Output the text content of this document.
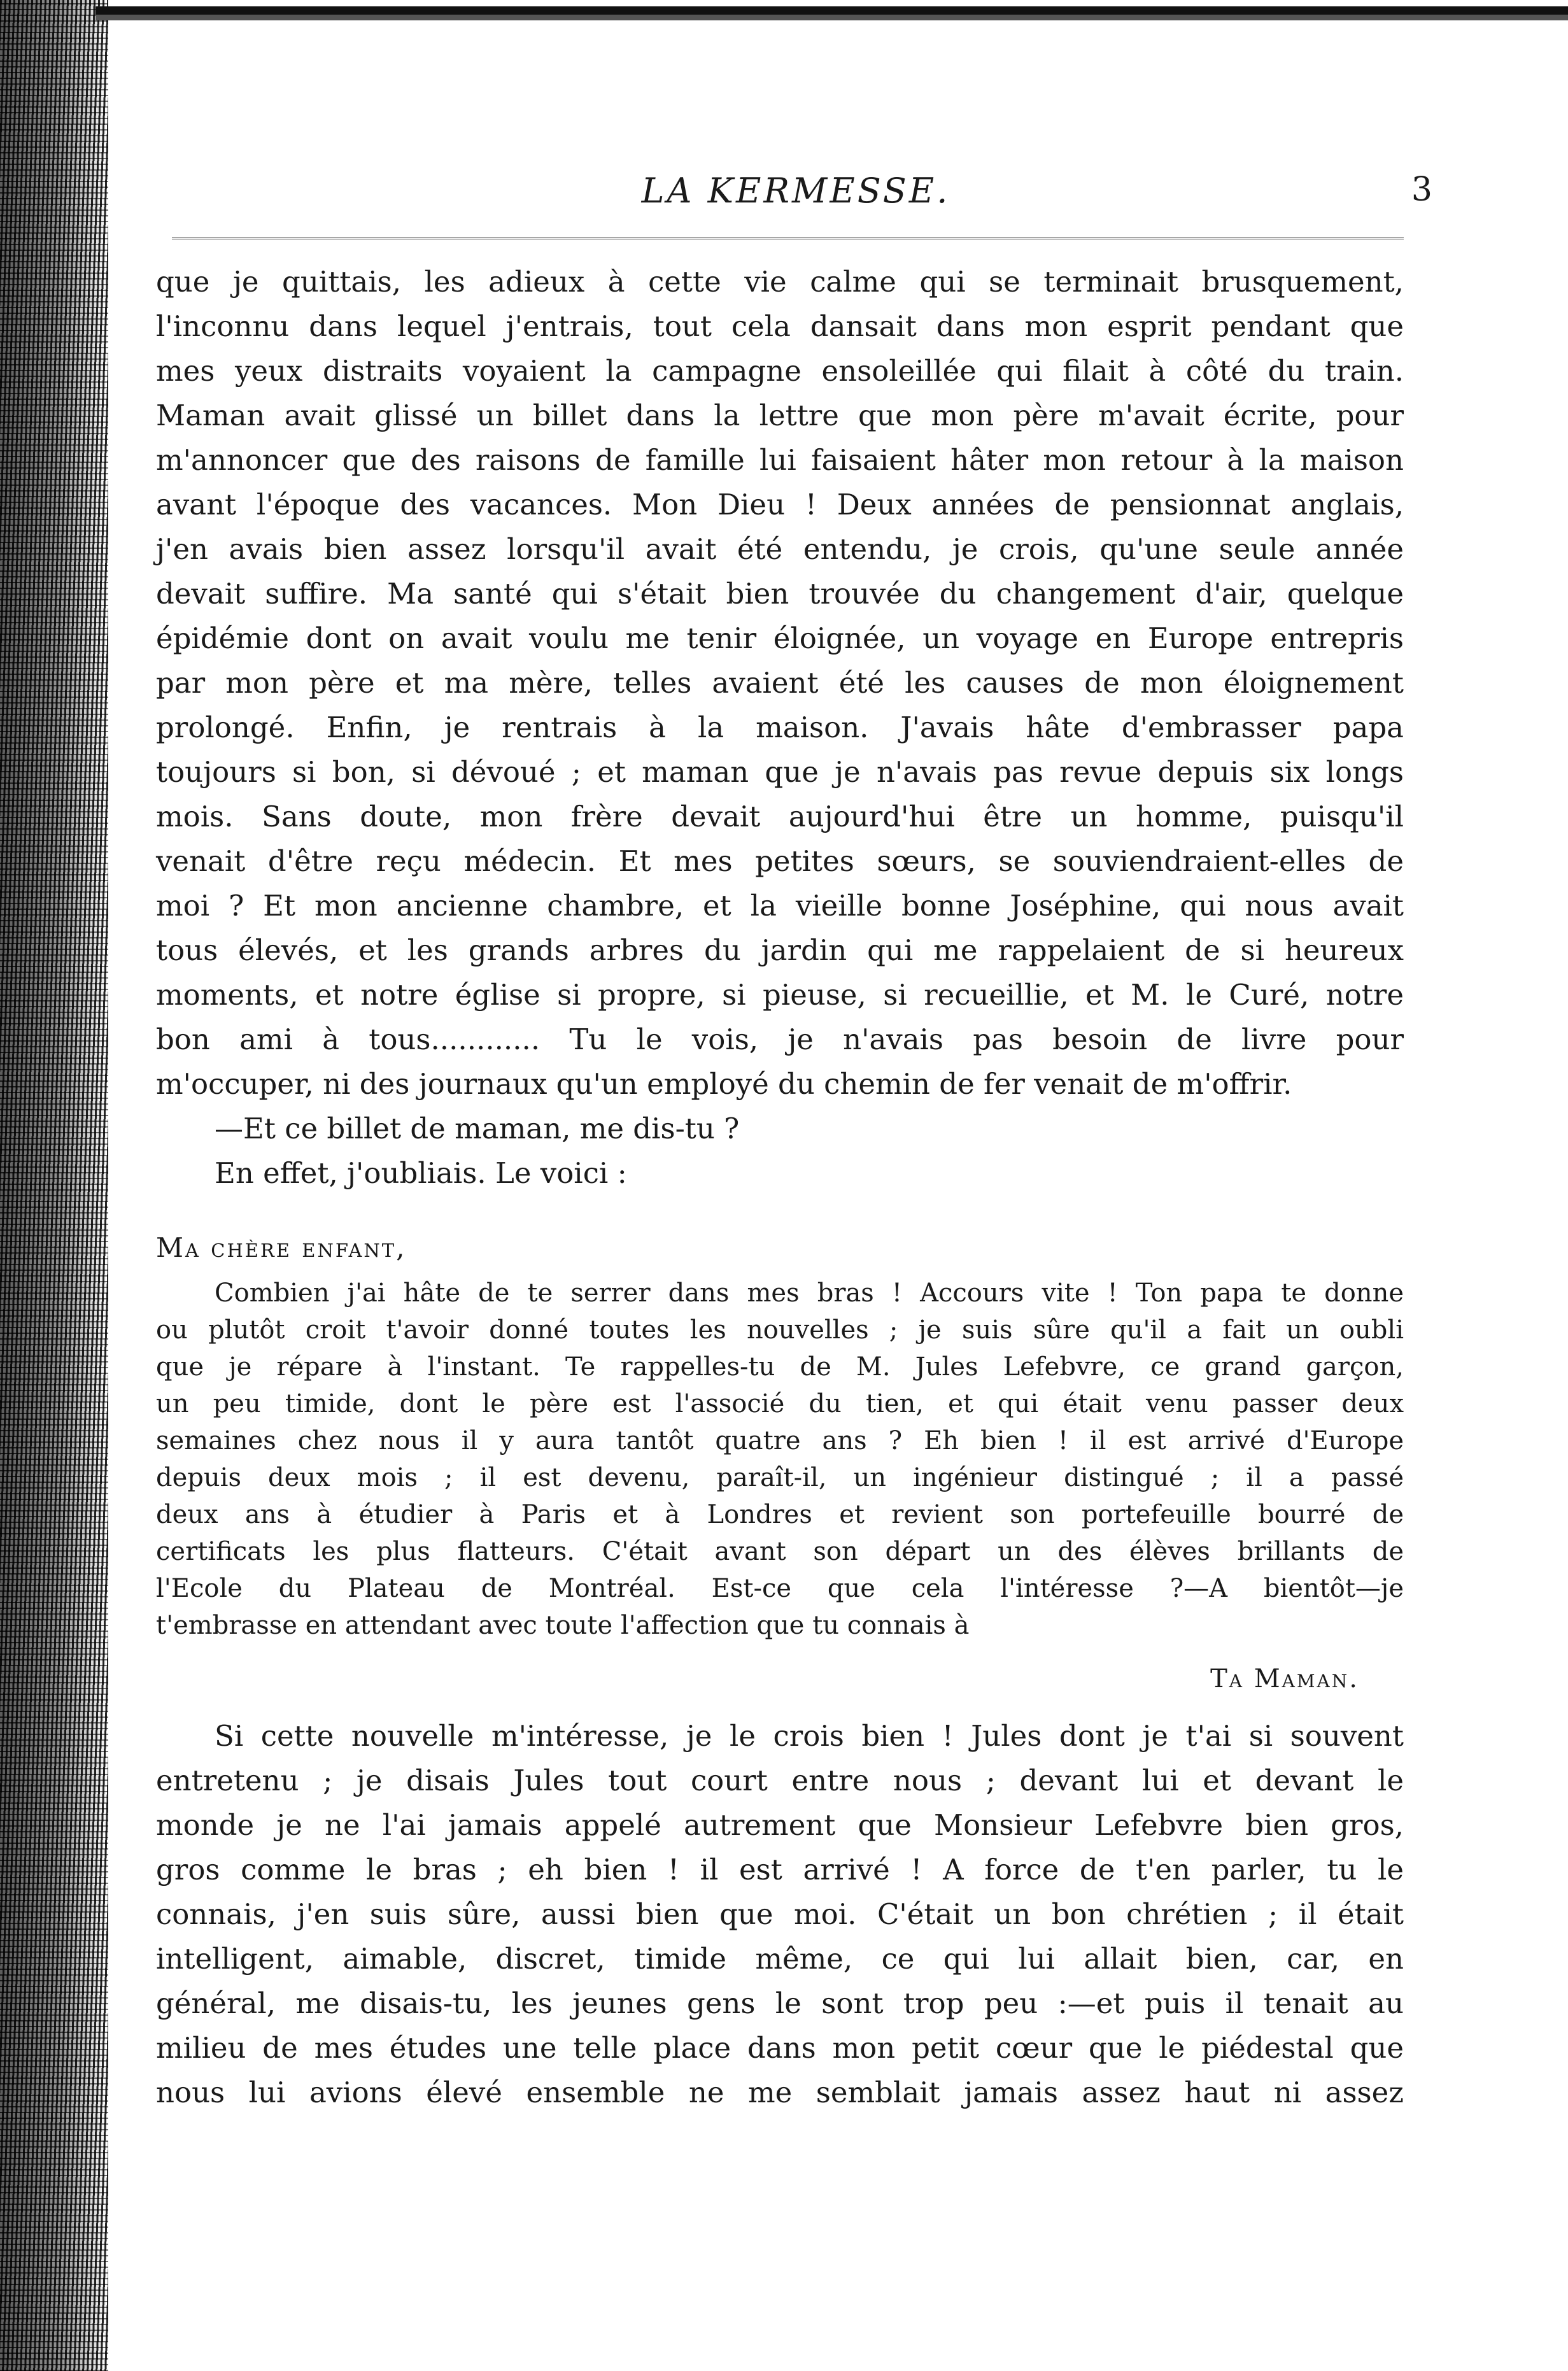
LA KERMESSE.	3
que je quittais, les adieux à cette vie calme qui se terminait brusquement,
l'inconnu dans lequel j'entrais, tout cela dansait dans mon esprit pendant que
mes yeux distraits voyaient la campagne ensoleillée qui filait à côté du train.
Maman avait glissé un billet dans la lettre que mon père m'avait écrite, pour
m'annoncer que des raisons de famille lui faisaient hâter mon retour à la maison
avant l'époque des vacances. Mon Dieu ! Deux années de pensionnat anglais,
j'en avais bien assez lorsqu'il avait été entendu, je crois, qu'une seule année
devait suffire. Ma santé qui s'était bien trouvée du changement d'air, quelque
épidémie dont on avait voulu me tenir éloignée, un voyage en Europe entrepris
par mon père et ma mère, telles avaient été les causes de mon éloignement
prolongé. Enfin, je rentrais à la maison. J'avais hâte d'embrasser papa
toujours si bon, si dévoué ; et maman que je n'avais pas revue depuis six longs
mois. Sans doute, mon frère devait aujourd'hui être un homme, puisqu'il
venait d'être reçu médecin. Et mes petites sœurs, se souviendraient-elles de
moi ? Et mon ancienne chambre, et la vieille bonne Joséphine, qui nous avait
tous élevés, et les grands arbres du jardin qui me rappelaient de si heureux
moments, et notre église si propre, si pieuse, si recueillie, et M. le Curé, notre
bon ami à tous............ Tu le vois, je n'avais pas besoin de livre pour
m'occuper, ni des journaux qu'un employé du chemin de fer venait de m'offrir.
—Et ce billet de maman, me dis-tu ?
En effet, j'oubliais. Le voici :
Ma chère enfant,
Combien j'ai hâte de te serrer dans mes bras ! Accours vite ! Ton papa te donne
ou plutôt croit t'avoir donné toutes les nouvelles ; je suis sûre qu'il a fait un oubli
que je répare à l'instant. Te rappelles-tu de M. Jules Lefebvre, ce grand garçon,
un peu timide, dont le père est l'associé du tien, et qui était venu passer deux
semaines chez nous il y aura tantôt quatre ans ? Eh bien ! il est arrivé d'Europe
depuis deux mois ; il est devenu, paraît-il, un ingénieur distingué ; il a passé
deux ans à étudier à Paris et à Londres et revient son portefeuille bourré de
certificats les plus flatteurs. C'était avant son départ un des élèves brillants de
l'Ecole du Plateau de Montréal. Est-ce que cela l'intéresse ?—A bientôt—je
t'embrasse en attendant avec toute l'affection que tu connais à
Ta Maman.
Si cette nouvelle m'intéresse, je le crois bien ! Jules dont je t'ai si souvent
entretenu ; je disais Jules tout court entre nous ; devant lui et devant le
monde je ne l'ai jamais appelé autrement que Monsieur Lefebvre bien gros,
gros comme le bras ; eh bien ! il est arrivé ! A force de t'en parler, tu le
connais, j'en suis sûre, aussi bien que moi. C'était un bon chrétien ; il était
intelligent, aimable, discret, timide même, ce qui lui allait bien, car, en
général, me disais-tu, les jeunes gens le sont trop peu :—et puis il tenait au
milieu de mes études une telle place dans mon petit cœur que le piédestal que
nous lui avions élevé ensemble ne me semblait jamais assez haut ni assez
